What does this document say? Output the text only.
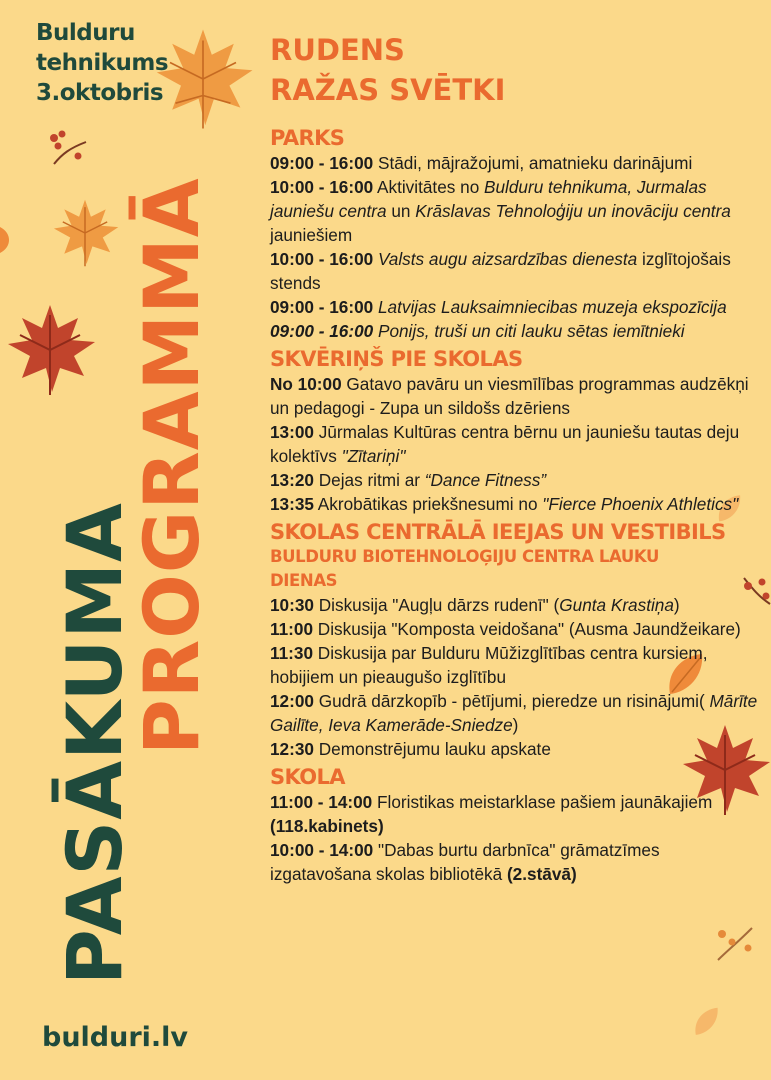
Bulduru
tehnikums
3.oktobris
PASĀKUMA
PROGRAMMĀ
bulduri.lv
RUDENS
RAŽAS SVĒTKI
PARKS

09:00 - 16:00 Stādi, mājražojumi, amatnieku darinājumi

10:00 - 16:00 Aktivitātes no Bulduru tehnikuma, Jurmalas jauniešu centra un Krāslavas Tehnoloģiju un inovāciju centra jauniešiem

10:00 - 16:00 Valsts augu aizsardzības dienesta izglītojošais stends

09:00 - 16:00 Latvijas Lauksaimniecibas muzeja ekspozīcija

09:00 - 16:00 Ponijs, truši un citi lauku sētas iemītnieki

SKVĒRIŅŠ PIE SKOLAS

No 10:00 Gatavo pavāru un viesmīlības programmas audzēkņi un pedagogi - Zupa un sildošs dzēriens

13:00 Jūrmalas Kultūras centra bērnu un jauniešu tautas deju kolektīvs "Zītariņi"

13:20 Dejas ritmi ar “Dance Fitness”

13:35 Akrobātikas priekšnesumi no "Fierce Phoenix Athletics"

SKOLAS CENTRĀLĀ IEEJAS UN VESTIBILS
BULDURU BIOTEHNOLOĢIJU CENTRA LAUKU DIENAS

10:30 Diskusija "Augļu dārzs rudenī" (Gunta Krastiņa)

11:00 Diskusija "Komposta veidošana" (Ausma Jaundžeikare)

11:30 Diskusija par Bulduru Mūžizglītības centra kursiem, hobijiem un pieaugušo izglītību

12:00 Gudrā dārzkopīb - pētījumi, pieredze un risinājumi( Mārīte Gailīte, Ieva Kamerāde-Sniedze)

12:30 Demonstrējumu lauku apskate

SKOLA

11:00 - 14:00 Floristikas meistarklase pašiem jaunākajiem (118.kabinets)

10:00 - 14:00 "Dabas burtu darbnīca" grāmatzīmes izgatavošana skolas bibliotēkā (2.stāvā)
